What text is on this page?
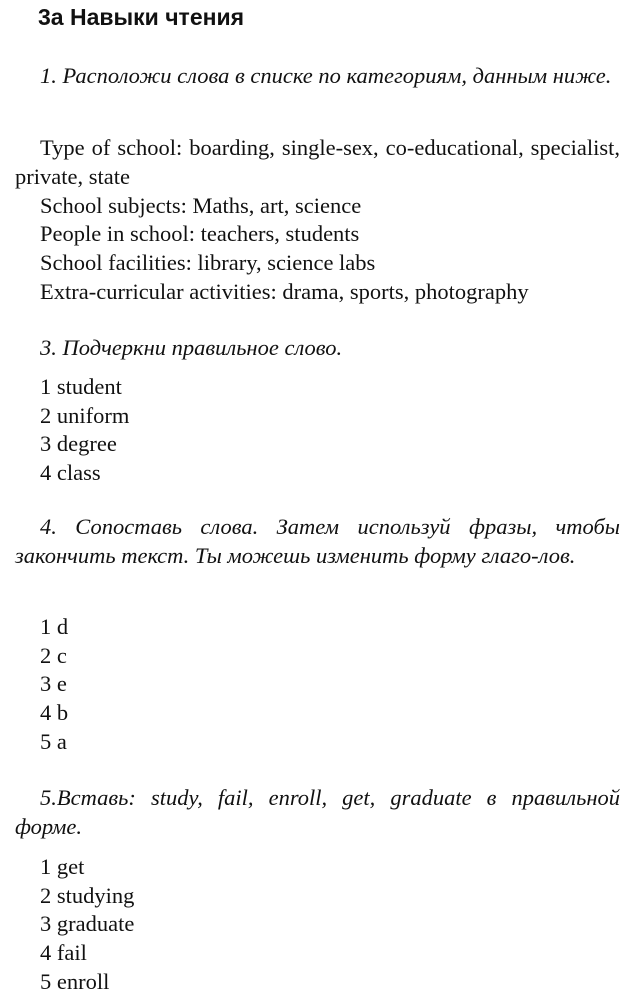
3а Навыки чтения
1. Расположи слова в списке по категориям, данным ниже.
Type of school: boarding, single-sex, co-educational, specialist, private, state
School subjects: Maths, art, science
People in school: teachers, students
School facilities: library, science labs
Extra-curricular activities: drama, sports, photography
3. Подчеркни правильное слово.
1 student
2 uniform
3 degree
4 class
4. Сопоставь слова. Затем используй фразы, чтобы закончить текст. Ты можешь изменить форму глаго-лов.
1 d
2 c
3 e
4 b
5 a
5.Вставь: study, fail, enroll, get, graduate в правильной форме.
1 get
2 studying
3 graduate
4 fail
5 enroll
